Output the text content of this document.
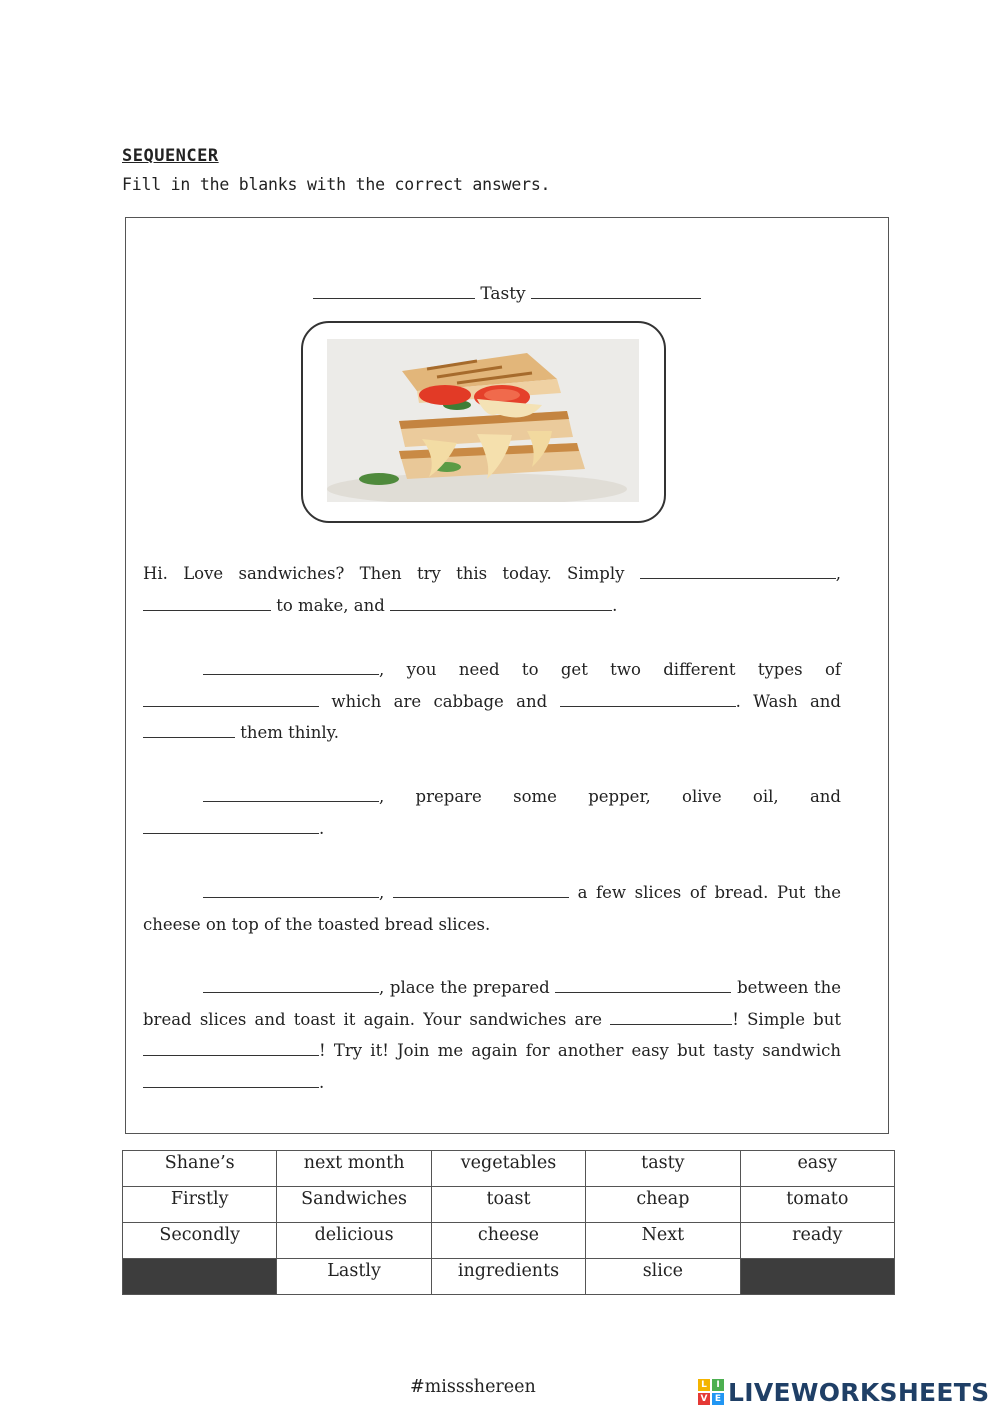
SEQUENCER
Fill in the blanks with the correct answers.
Tasty

Hi. Love sandwiches? Then try this today. Simply	,  to make, and	.

, you need to get two different types of  which are cabbage and	. Wash and  them thinly.

, prepare some pepper, olive oil, and .

,	a few slices of bread. Put the cheese on top of the toasted bread slices.

, place the prepared	between the bread slices and toast it again. Your sandwiches are	! Simple but ! Try it! Join me again for another easy but tasty sandwich .

Shane’s	next month	vegetables	tasty	easy
Firstly	Sandwiches	toast	cheap	tomato
Secondly	delicious	cheese	Next	ready
	Lastly	ingredients	slice	
#missshereen	L	I
V E LIVEWORKSHEETS
